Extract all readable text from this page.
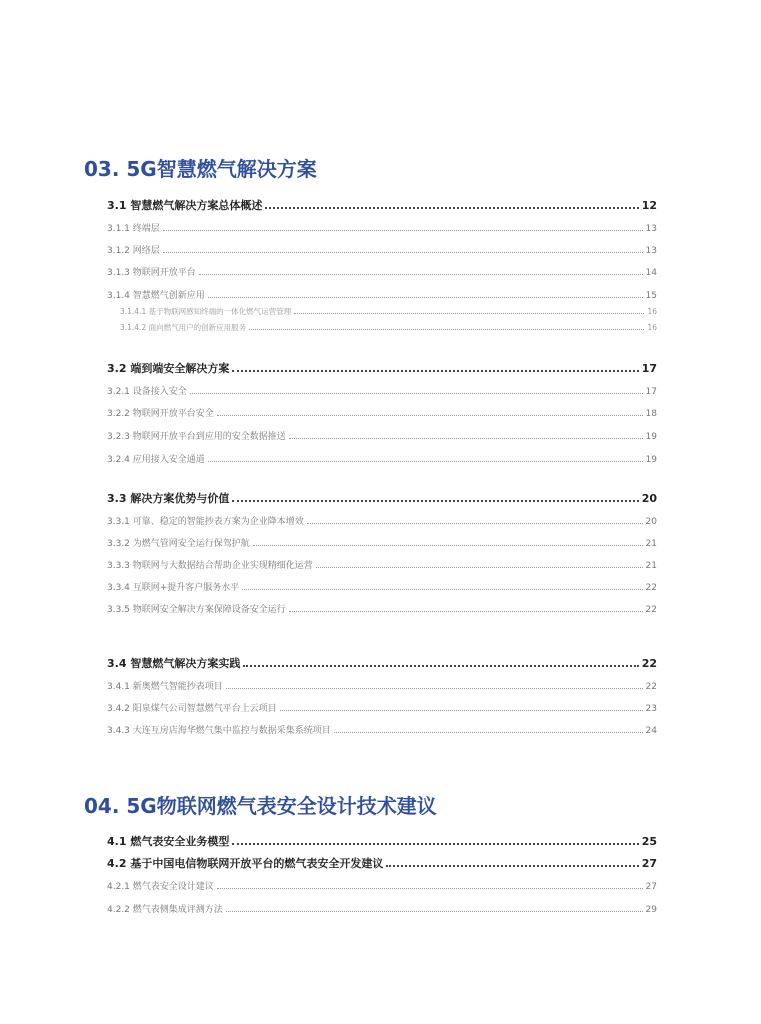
03. 5G智慧燃气解决方案
3.1 智慧燃气解决方案总体概述	12
3.1.1 终端层	13
3.1.2 网络层	13
3.1.3 物联网开放平台	14
3.1.4 智慧燃气创新应用	15
3.1.4.1 基于物联网感知终端的一体化燃气运营管理	16
3.1.4.2 面向燃气用户的创新应用服务	16
3.2 端到端安全解决方案	17
3.2.1 设备接入安全	17
3.2.2 物联网开放平台安全	18
3.2.3 物联网开放平台到应用的安全数据推送	19
3.2.4 应用接入安全通道	19
3.3 解决方案优势与价值	20
3.3.1 可靠、稳定的智能抄表方案为企业降本增效	20
3.3.2 为燃气管网安全运行保驾护航	21
3.3.3 物联网与大数据结合帮助企业实现精细化运营	21
3.3.4 互联网+提升客户服务水平	22
3.3.5 物联网安全解决方案保障设备安全运行	22
3.4 智慧燃气解决方案实践	22
3.4.1 新奥燃气智能抄表项目	22
3.4.2 阳泉煤气公司智慧燃气平台上云项目	23
3.4.3 大连互房店海华燃气集中监控与数据采集系统项目	24
04. 5G物联网燃气表安全设计技术建议
4.1 燃气表安全业务模型	25
4.2 基于中国电信物联网开放平台的燃气表安全开发建议	27
4.2.1 燃气表安全设计建议	27
4.2.2 燃气表侧集成评测方法	29
